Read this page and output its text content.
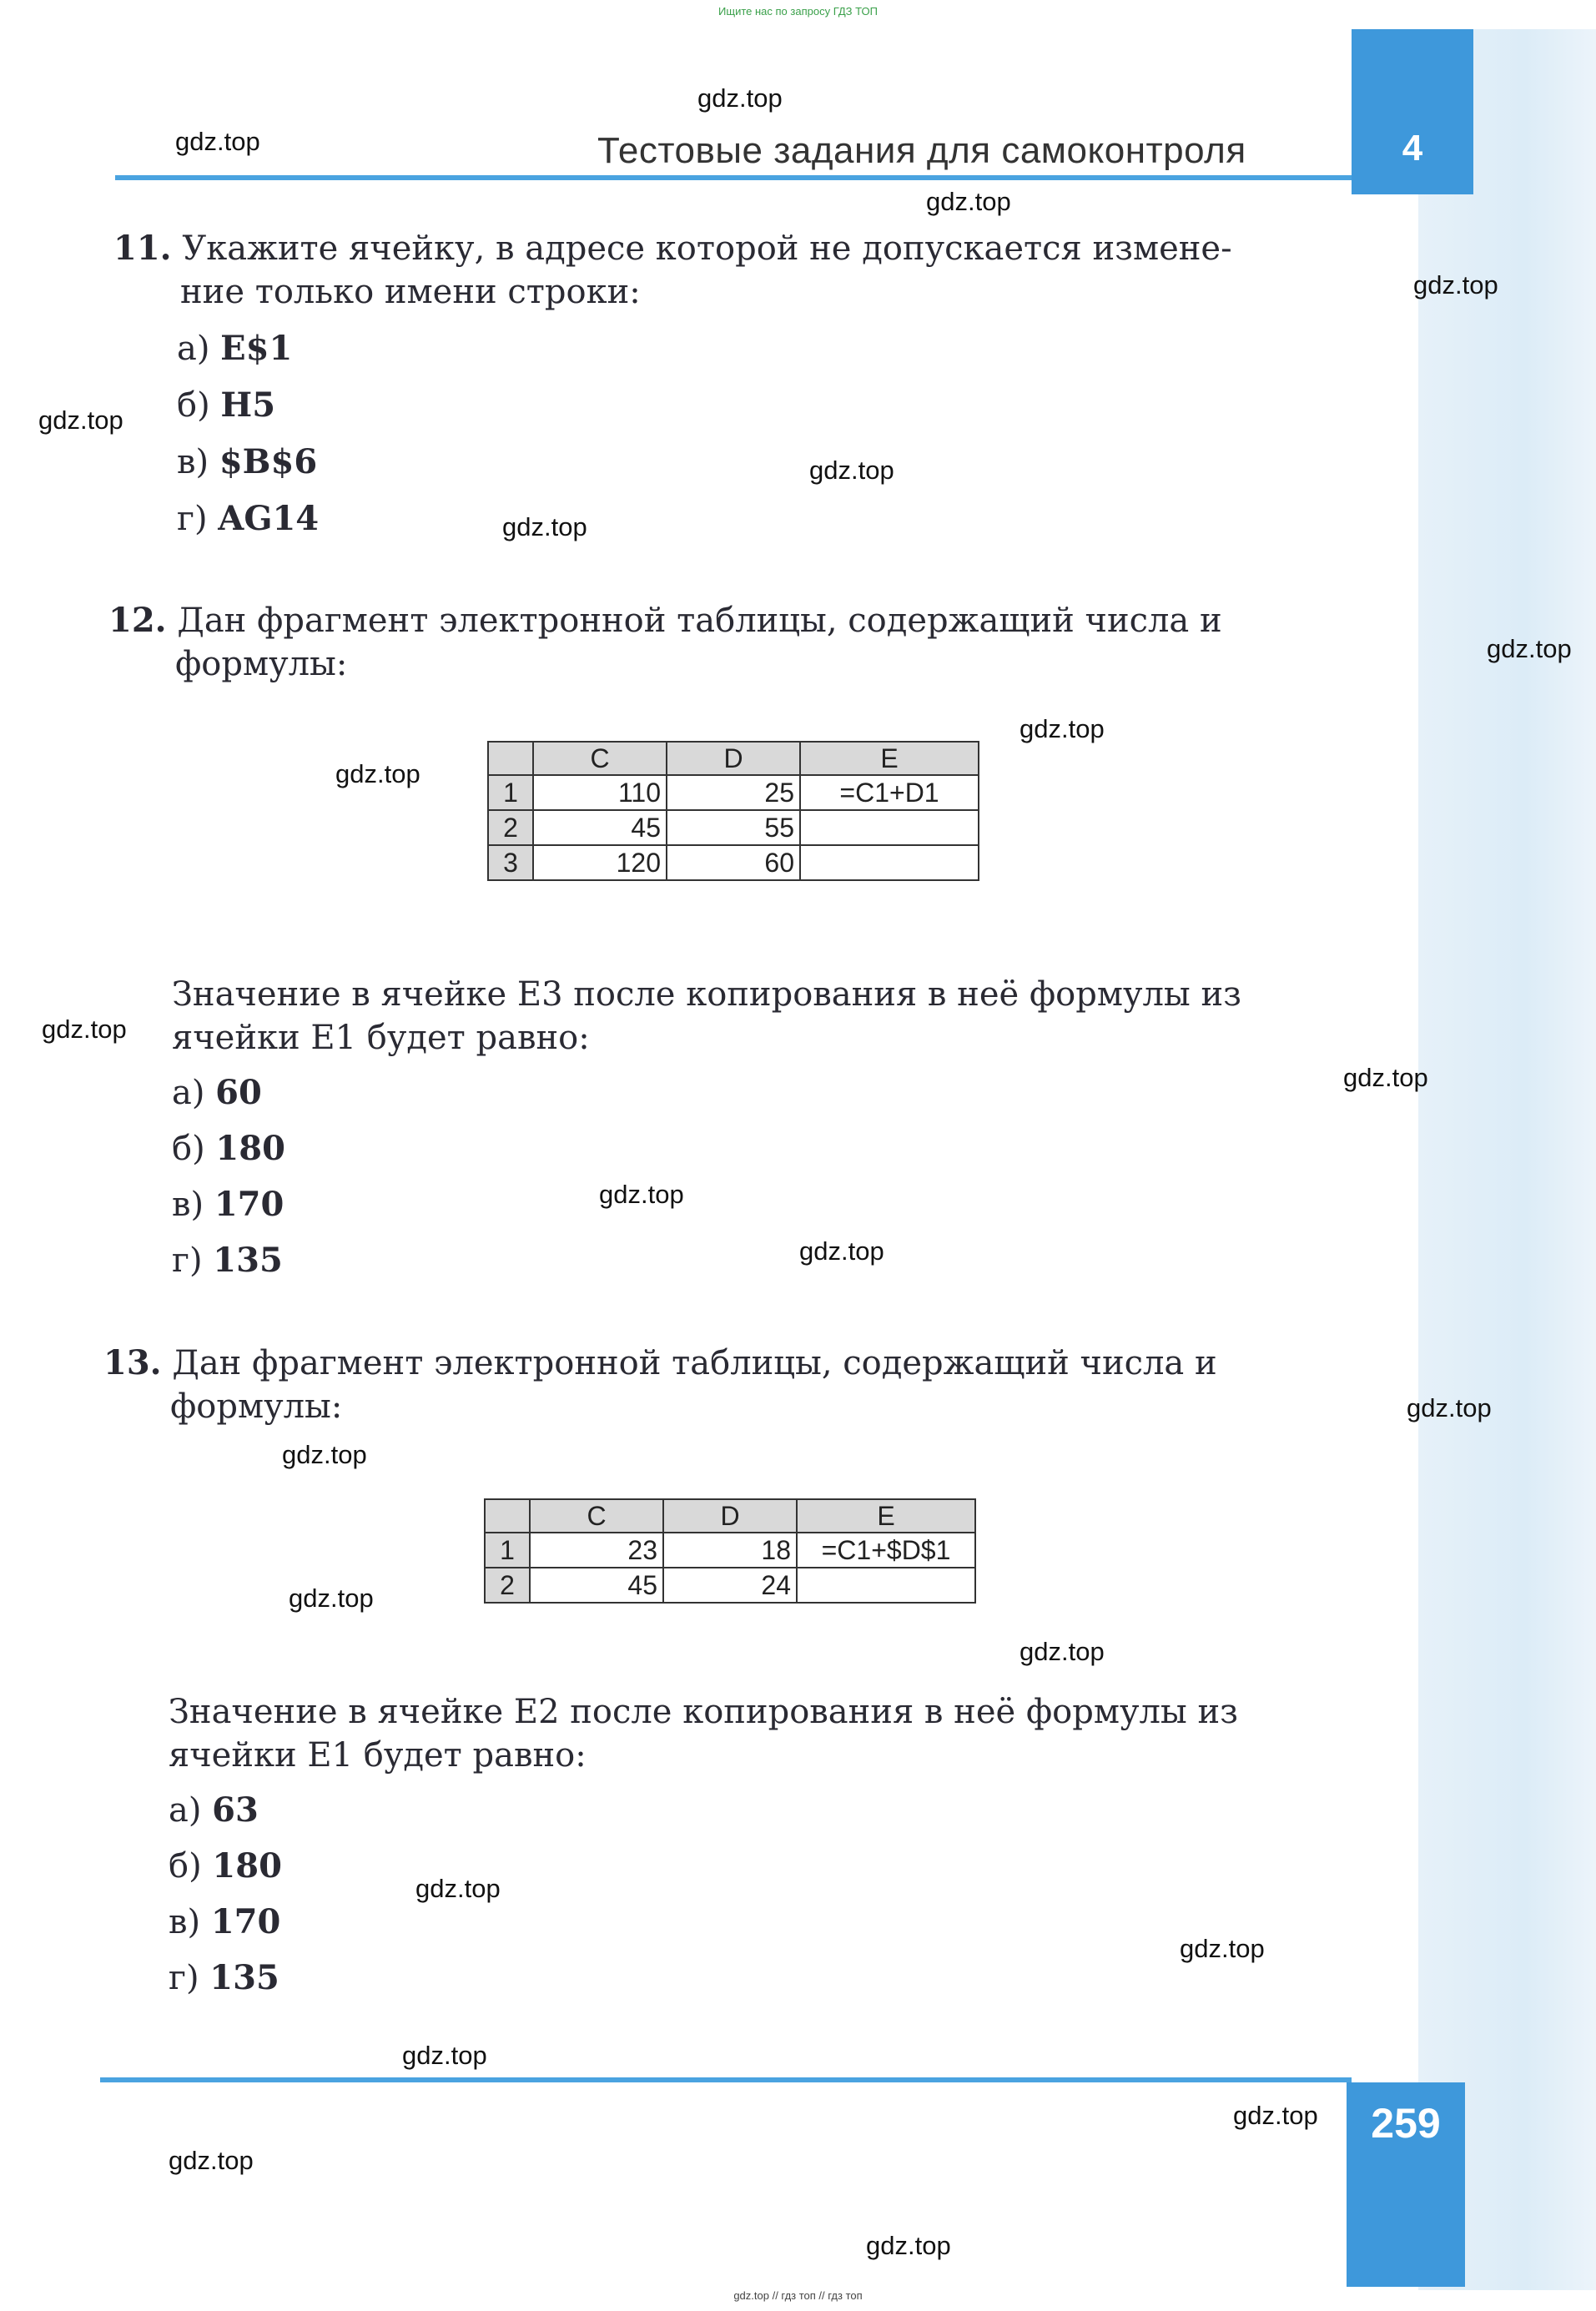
Ищите нас по запросу ГДЗ ТОП
4
Тестовые задания для самоконтроля
11. Укажите ячейку, в адресе которой не допускается измене-
ние только имени строки:
а) E$1
б) H5
в) $B$6
г) AG14
12. Дан фрагмент электронной таблицы, содержащий числа и
формулы:
	C	D	E
1	110	25	=C1+D1
2	45	55	
3	120	60	
Значение в ячейке E3 после копирования в неё формулы из
ячейки E1 будет равно:
а) 60
б) 180
в) 170
г) 135
13. Дан фрагмент электронной таблицы, содержащий числа и
формулы:
	C	D	E
1	23	18	=C1+$D$1
2	45	24	
Значение в ячейке E2 после копирования в неё формулы из
ячейки E1 будет равно:
а) 63
б) 180
в) 170
г) 135
259
gdz.top
gdz.top
gdz.top
gdz.top
gdz.top
gdz.top
gdz.top
gdz.top
gdz.top
gdz.top
gdz.top
gdz.top
gdz.top
gdz.top
gdz.top
gdz.top
gdz.top
gdz.top
gdz.top
gdz.top
gdz.top
gdz.top
gdz.top
gdz.top
gdz.top // гдз топ // гдз топ
